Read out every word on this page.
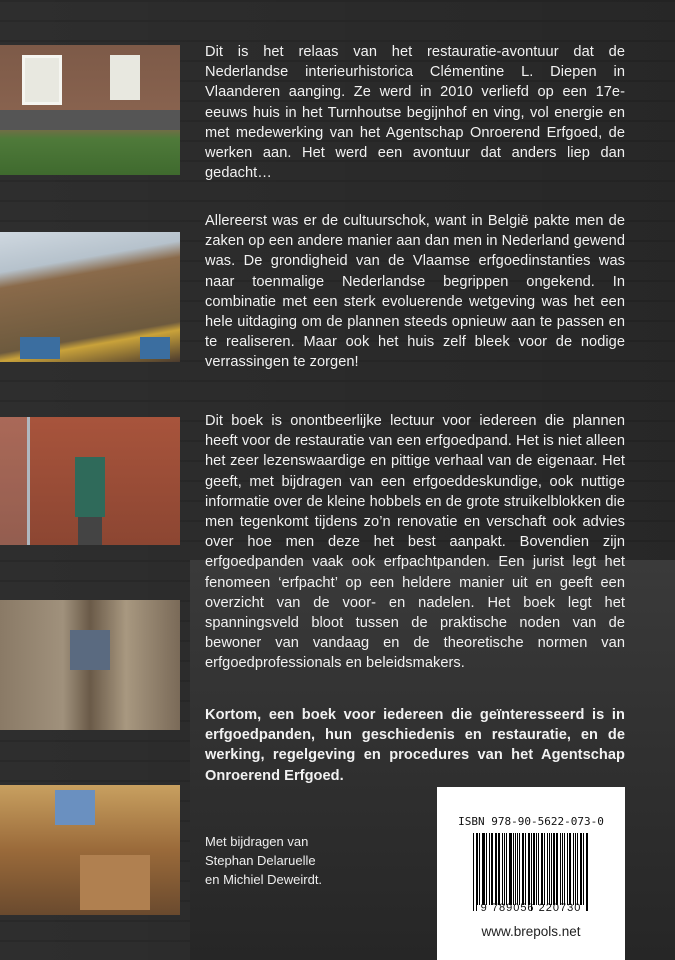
Dit is het relaas van het restauratie-avontuur dat de Nederlandse interieurhistorica Clémentine L. Diepen in Vlaanderen aanging. Ze werd in 2010 verliefd op een 17e-eeuws huis in het Turnhoutse begijnhof en ving, vol energie en met medewerking van het Agentschap Onroerend Erfgoed, de werken aan. Het werd een avontuur dat anders liep dan gedacht…

Allereerst was er de cultuurschok, want in België pakte men de zaken op een andere manier aan dan men in Nederland gewend was. De grondigheid van de Vlaamse erfgoedinstanties was naar toenmalige Nederlandse begrippen ongekend. In combinatie met een sterk evoluerende wetgeving was het een hele uitdaging om de plannen steeds opnieuw aan te passen en te realiseren. Maar ook het huis zelf bleek voor de nodige verrassingen te zorgen!

Dit boek is onontbeerlijke lectuur voor iedereen die plannen heeft voor de restauratie van een erfgoedpand. Het is niet alleen het zeer lezenswaardige en pittige verhaal van de eigenaar. Het geeft, met bijdragen van een erfgoeddeskundige, ook nuttige informatie over de kleine hobbels en de grote struikelblokken die men tegenkomt tijdens zo’n renovatie en verschaft ook advies over hoe men deze het best aanpakt. Bovendien zijn erfgoedpanden vaak ook erfpachtpanden. Een jurist legt het fenomeen ‘erfpacht’ op een heldere manier uit en geeft een overzicht van de voor- en nadelen. Het boek legt het spanningsveld bloot tussen de praktische noden van de bewoner van vandaag en de theoretische normen van erfgoedprofessionals en beleidsmakers.

Kortom, een boek voor iedereen die geïnteresseerd is in erfgoedpanden, hun geschiedenis en restauratie, en de werking, regelgeving en procedures van het Agentschap Onroerend Erfgoed.

Met bijdragen van
Stephan Delaruelle
en Michiel Deweirdt.
ISBN 978-90-5622-073-0
9 789056 220730
www.brepols.net
